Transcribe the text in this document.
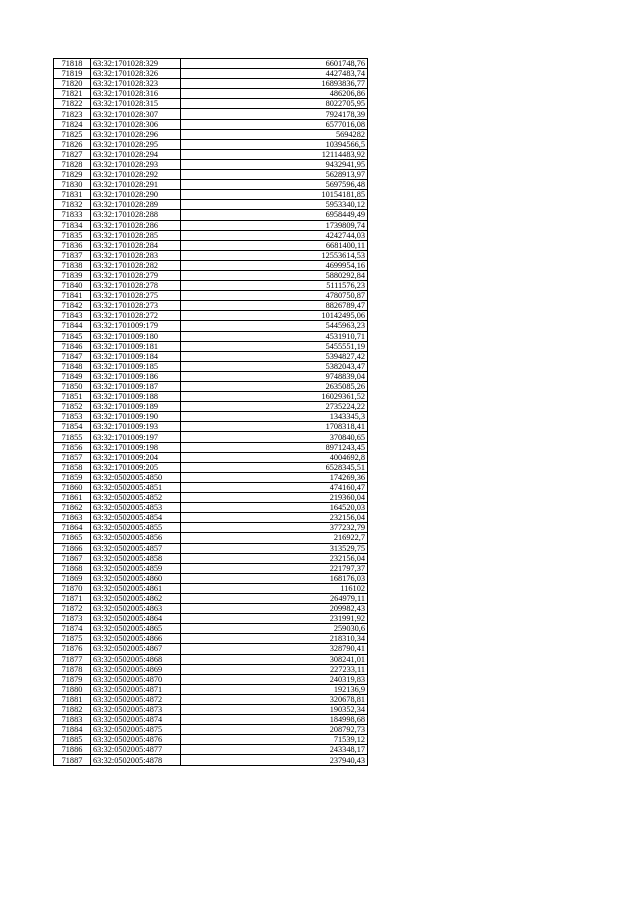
71818	63:32:1701028:329	6601748,76
71819	63:32:1701028:326	4427483,74
71820	63:32:1701028:323	16893836,77
71821	63:32:1701028:316	486206,86
71822	63:32:1701028:315	8022705,95
71823	63:32:1701028:307	7924178,39
71824	63:32:1701028:306	6577016,08
71825	63:32:1701028:296	5694282
71826	63:32:1701028:295	10394566,5
71827	63:32:1701028:294	12114483,92
71828	63:32:1701028:293	9432941,95
71829	63:32:1701028:292	5628913,97
71830	63:32:1701028:291	5697596,48
71831	63:32:1701028:290	10154181,85
71832	63:32:1701028:289	5953340,12
71833	63:32:1701028:288	6958449,49
71834	63:32:1701028:286	1739809,74
71835	63:32:1701028:285	4242744,03
71836	63:32:1701028:284	6681400,11
71837	63:32:1701028:283	12553614,53
71838	63:32:1701028:282	4699954,16
71839	63:32:1701028:279	5880292,84
71840	63:32:1701028:278	5111576,23
71841	63:32:1701028:275	4780750,87
71842	63:32:1701028:273	8826789,47
71843	63:32:1701028:272	10142495,06
71844	63:32:1701009:179	5445963,23
71845	63:32:1701009:180	4531910,71
71846	63:32:1701009:181	5455551,19
71847	63:32:1701009:184	5394827,42
71848	63:32:1701009:185	5382043,47
71849	63:32:1701009:186	9748839,04
71850	63:32:1701009:187	2635085,26
71851	63:32:1701009:188	16029361,52
71852	63:32:1701009:189	2735224,22
71853	63:32:1701009:190	1343345,3
71854	63:32:1701009:193	1708318,41
71855	63:32:1701009:197	370840,65
71856	63:32:1701009:198	8971243,45
71857	63:32:1701009:204	4004692,8
71858	63:32:1701009:205	6528345,51
71859	63:32:0502005:4850	174269,36
71860	63:32:0502005:4851	474160,47
71861	63:32:0502005:4852	219360,04
71862	63:32:0502005:4853	164520,03
71863	63:32:0502005:4854	232156,04
71864	63:32:0502005:4855	377232,79
71865	63:32:0502005:4856	216922,7
71866	63:32:0502005:4857	313529,75
71867	63:32:0502005:4858	232156,04
71868	63:32:0502005:4859	221797,37
71869	63:32:0502005:4860	168176,03
71870	63:32:0502005:4861	116102
71871	63:32:0502005:4862	264979,11
71872	63:32:0502005:4863	209982,43
71873	63:32:0502005:4864	231991,92
71874	63:32:0502005:4865	259030,6
71875	63:32:0502005:4866	218310,34
71876	63:32:0502005:4867	328790,41
71877	63:32:0502005:4868	308241,01
71878	63:32:0502005:4869	227233,11
71879	63:32:0502005:4870	240319,83
71880	63:32:0502005:4871	192136,9
71881	63:32:0502005:4872	320678,81
71882	63:32:0502005:4873	190352,34
71883	63:32:0502005:4874	184998,68
71884	63:32:0502005:4875	208792,73
71885	63:32:0502005:4876	71539,12
71886	63:32:0502005:4877	243348,17
71887	63:32:0502005:4878	237940,43
